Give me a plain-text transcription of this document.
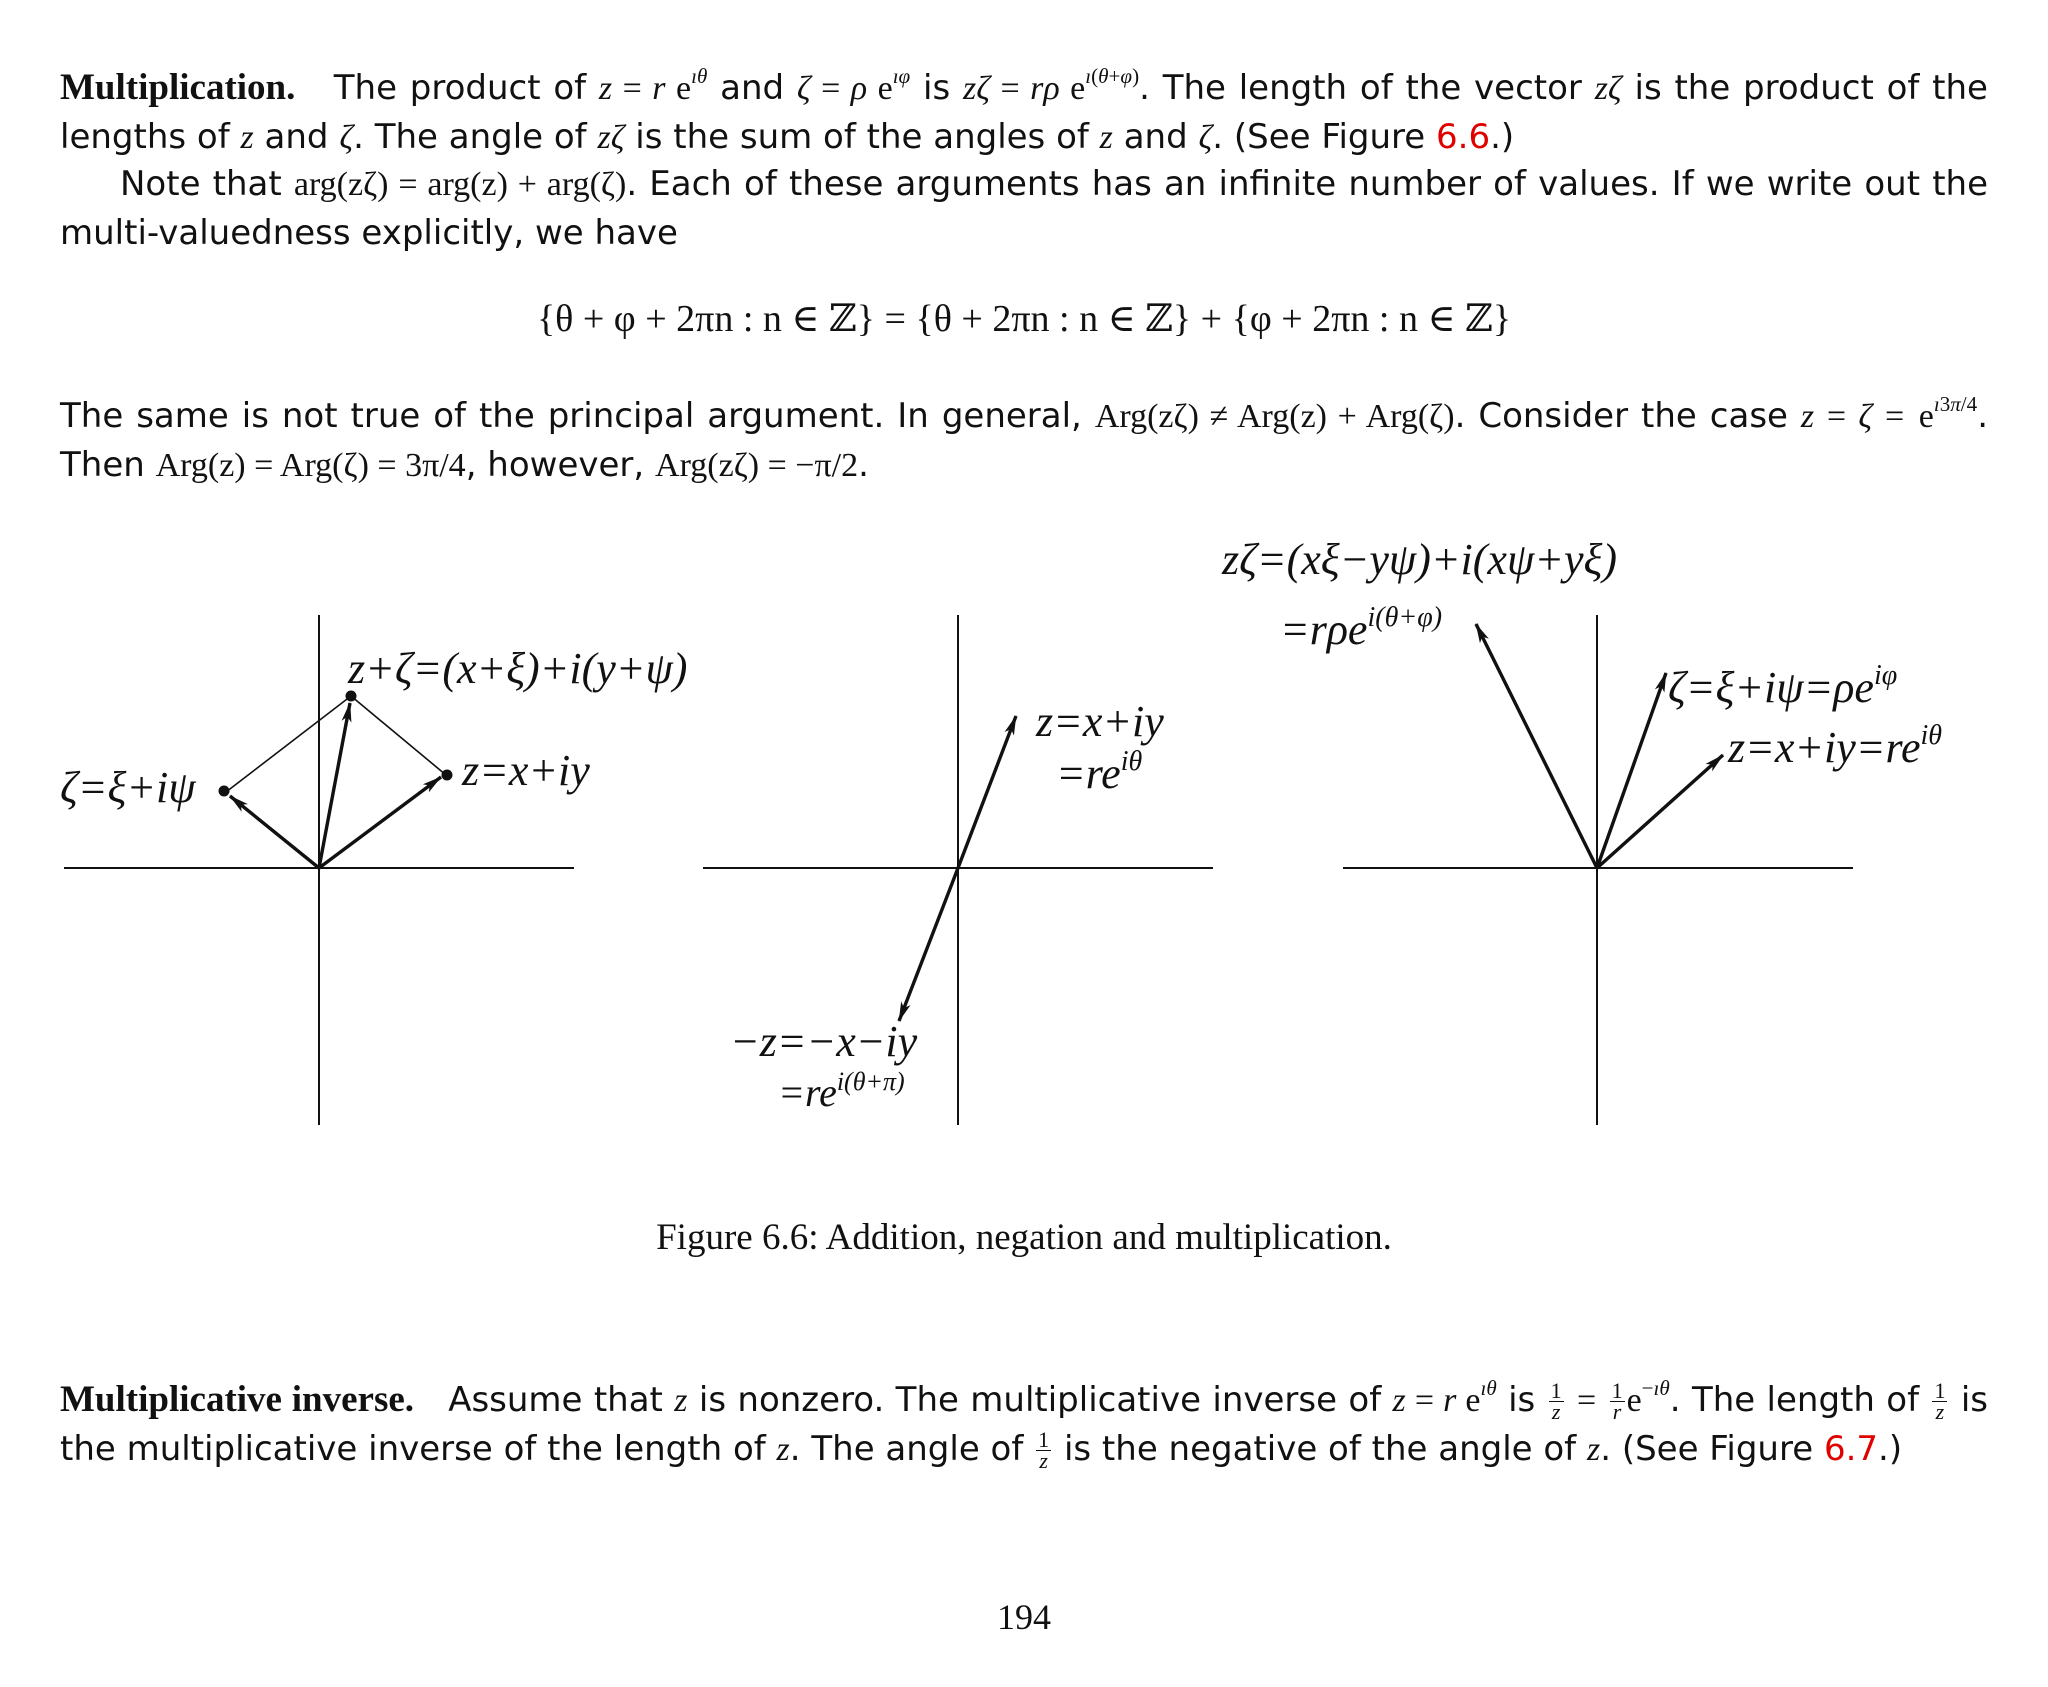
Multiplication. The product of z = r $e^{ı\theta}$ and ζ = ρ $e^{ı\varphi}$ is zζ = rρ $e^{ı(\theta+\varphi)}$. The length of the vector zζ is the product of the lengths of z and ζ. The angle of zζ is the sum of the angles of z and ζ. (See Figure 6.6.)
Note that arg(zζ) = arg(z) + arg(ζ). Each of these arguments has an infinite number of values. If we write out the multi-valuedness explicitly, we have
{θ + φ + 2πn : n ∈ ℤ} = {θ + 2πn : n ∈ ℤ} + {φ + 2πn : n ∈ ℤ}
The same is not true of the principal argument. In general, Arg(zζ) ≠ Arg(z) + Arg(ζ). Consider the case $z = \zeta = e^{ı3\pi/4}$. Then Arg(z) = Arg(ζ) = 3π/4, however, Arg(zζ) = −π/2.
ζ=ξ+iψ
z+ζ=(x+ξ)+i(y+ψ)
z=x+iy
z=x+iy
$=re^{i\theta}$
−z=−x−iy
$=re^{i(\theta+\pi)}$
zζ=(xξ−yψ)+i(xψ+yξ)
=rρe$^{i(\theta+\varphi)}$
$\zeta=\xi+i\psi=\rho e^{i\varphi}$
$z=x+iy=re^{i\theta}$
Figure 6.6: Addition, negation and multiplication.
Multiplicative inverse. Assume that z is nonzero. The multiplicative inverse of z = r $e^{ı\theta}$ is $\frac{1}{z} = \frac{1}{r} e^{-ı\theta}$. The length of $\frac{1}{z}$ is the multiplicative inverse of the length of z. The angle of $\frac{1}{z}$ is the negative of the angle of z. (See Figure 6.7.)
194
